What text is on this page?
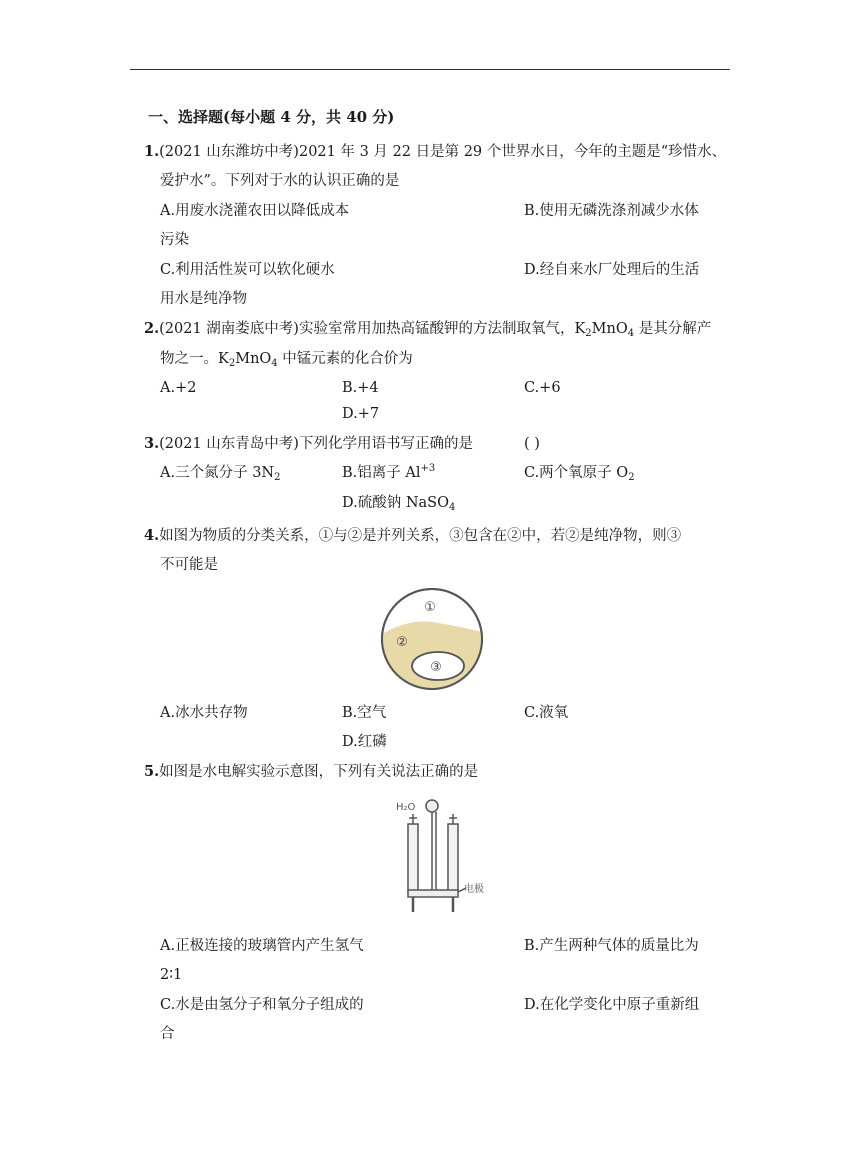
一、选择题(每小题 4 分，共 40 分)
1.(2021 山东潍坊中考)2021 年 3 月 22 日是第 29 个世界水日，今年的主题是“珍惜水、
爱护水”。下列对于水的认识正确的是
A.用废水浇灌农田以降低成本	B.使用无磷洗涤剂减少水体
污染
C.利用活性炭可以软化硬水	D.经自来水厂处理后的生活
用水是纯净物
2.(2021 湖南娄底中考)实验室常用加热高锰酸钾的方法制取氧气，$K_2MnO_4$ 是其分解产
物之一。$K_2MnO_4$ 中锰元素的化合价为
A.+2	B.+4	C.+6
D.+7
3.(2021 山东青岛中考)下列化学用语书写正确的是	( )
A.三个氮分子 $3N_2$	B.铝离子 $Al^{+3}$	C.两个氧原子 $O_2$
D.硫酸钠 NaSO$_4$
4.如图为物质的分类关系，①与②是并列关系，③包含在②中，若②是纯净物，则③
不可能是
①
②
③
A.冰水共存物	B.空气	C.液氧
D.红磷
5.如图是水电解实验示意图，下列有关说法正确的是
H₂O
电极
A.正极连接的玻璃管内产生氢气	B.产生两种气体的质量比为
2∶1
C.水是由氢分子和氧分子组成的	D.在化学变化中原子重新组
合
